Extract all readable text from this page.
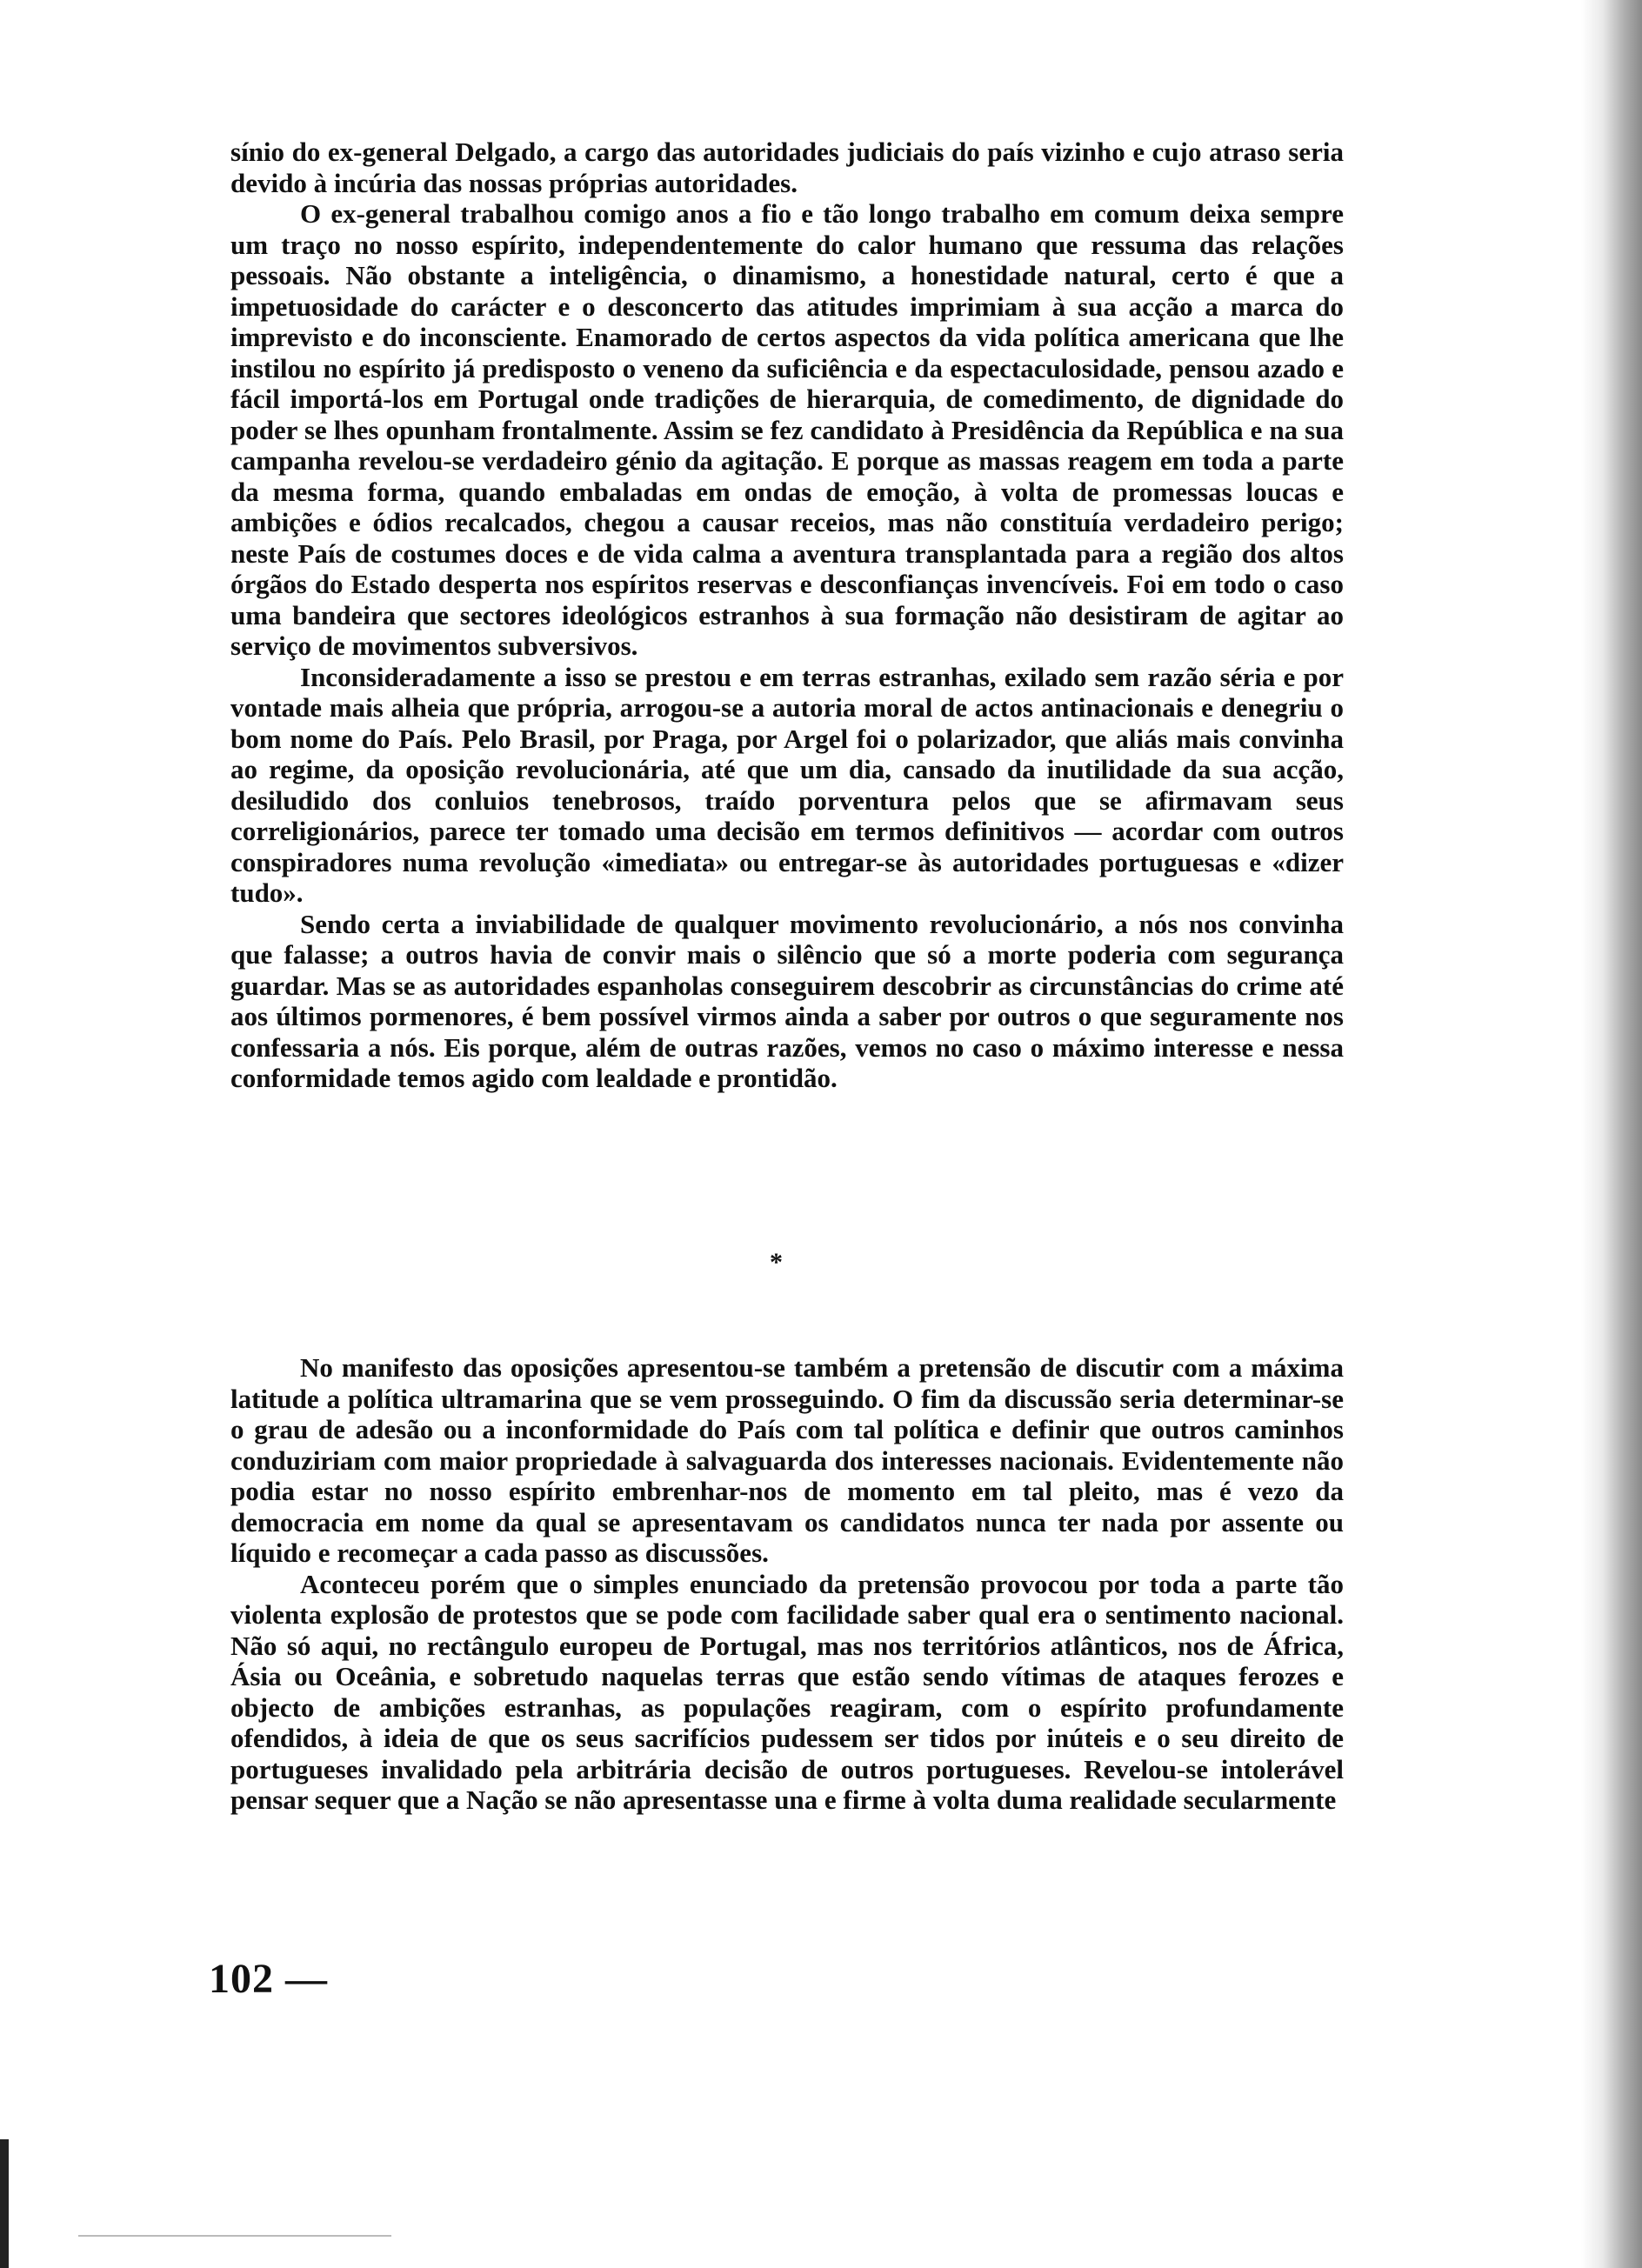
sínio do ex-general Delgado, a cargo das autoridades judiciais do país vizinho e cujo atraso seria devido à incúria das nossas próprias autoridades.

O ex-general trabalhou comigo anos a fio e tão longo trabalho em comum deixa sempre um traço no nosso espírito, independentemente do calor humano que ressuma das relações pessoais. Não obstante a inteligência, o dinamismo, a honestidade natural, certo é que a impetuosidade do carácter e o desconcerto das atitudes imprimiam à sua acção a marca do imprevisto e do inconsciente. Enamorado de certos aspectos da vida política americana que lhe instilou no espírito já predisposto o veneno da suficiência e da espectaculosidade, pensou azado e fácil importá-los em Portugal onde tradições de hierarquia, de comedimento, de dignidade do poder se lhes opunham frontalmente. Assim se fez candidato à Presidência da República e na sua campanha revelou-se verdadeiro génio da agitação. E porque as massas reagem em toda a parte da mesma forma, quando embaladas em ondas de emoção, à volta de promessas loucas e ambições e ódios recalcados, chegou a causar receios, mas não constituía verdadeiro perigo; neste País de costumes doces e de vida calma a aventura transplantada para a região dos altos órgãos do Estado desperta nos espíritos reservas e desconfianças invencíveis. Foi em todo o caso uma bandeira que sectores ideológicos estranhos à sua formação não desistiram de agitar ao serviço de movimentos subversivos.

Inconsideradamente a isso se prestou e em terras estranhas, exilado sem razão séria e por vontade mais alheia que própria, arrogou-se a autoria moral de actos antinacionais e denegriu o bom nome do País. Pelo Brasil, por Praga, por Argel foi o polarizador, que aliás mais convinha ao regime, da oposição revolucionária, até que um dia, cansado da inutilidade da sua acção, desiludido dos conluios tenebrosos, traído porventura pelos que se afirmavam seus correligionários, parece ter tomado uma decisão em termos definitivos — acordar com outros conspiradores numa revolução «imediata» ou entregar-se às autoridades portuguesas e «dizer tudo».

Sendo certa a inviabilidade de qualquer movimento revolucionário, a nós nos convinha que falasse; a outros havia de convir mais o silêncio que só a morte poderia com segurança guardar. Mas se as autoridades espanholas conseguirem descobrir as circunstâncias do crime até aos últimos pormenores, é bem possível virmos ainda a saber por outros o que seguramente nos confessaria a nós. Eis porque, além de outras razões, vemos no caso o máximo interesse e nessa conformidade temos agido com lealdade e prontidão.

*

No manifesto das oposições apresentou-se também a pretensão de discutir com a máxima latitude a política ultramarina que se vem prosseguindo. O fim da discussão seria determinar-se o grau de adesão ou a inconformidade do País com tal política e definir que outros caminhos conduziriam com maior propriedade à salvaguarda dos interesses nacionais. Evidentemente não podia estar no nosso espírito embrenhar-nos de momento em tal pleito, mas é vezo da democracia em nome da qual se apresentavam os candidatos nunca ter nada por assente ou líquido e recomeçar a cada passo as discussões.

Aconteceu porém que o simples enunciado da pretensão provocou por toda a parte tão violenta explosão de protestos que se pode com facilidade saber qual era o sentimento nacional. Não só aqui, no rectângulo europeu de Portugal, mas nos territórios atlânticos, nos de África, Ásia ou Oceânia, e sobretudo naquelas terras que estão sendo vítimas de ataques ferozes e objecto de ambições estranhas, as populações reagiram, com o espírito profundamente ofendidos, à ideia de que os seus sacrifícios pudessem ser tidos por inúteis e o seu direito de portugueses invalidado pela arbitrária decisão de outros portugueses. Revelou-se intolerável pensar sequer que a Nação se não apresentasse una e firme à volta duma realidade secularmente

102 —
